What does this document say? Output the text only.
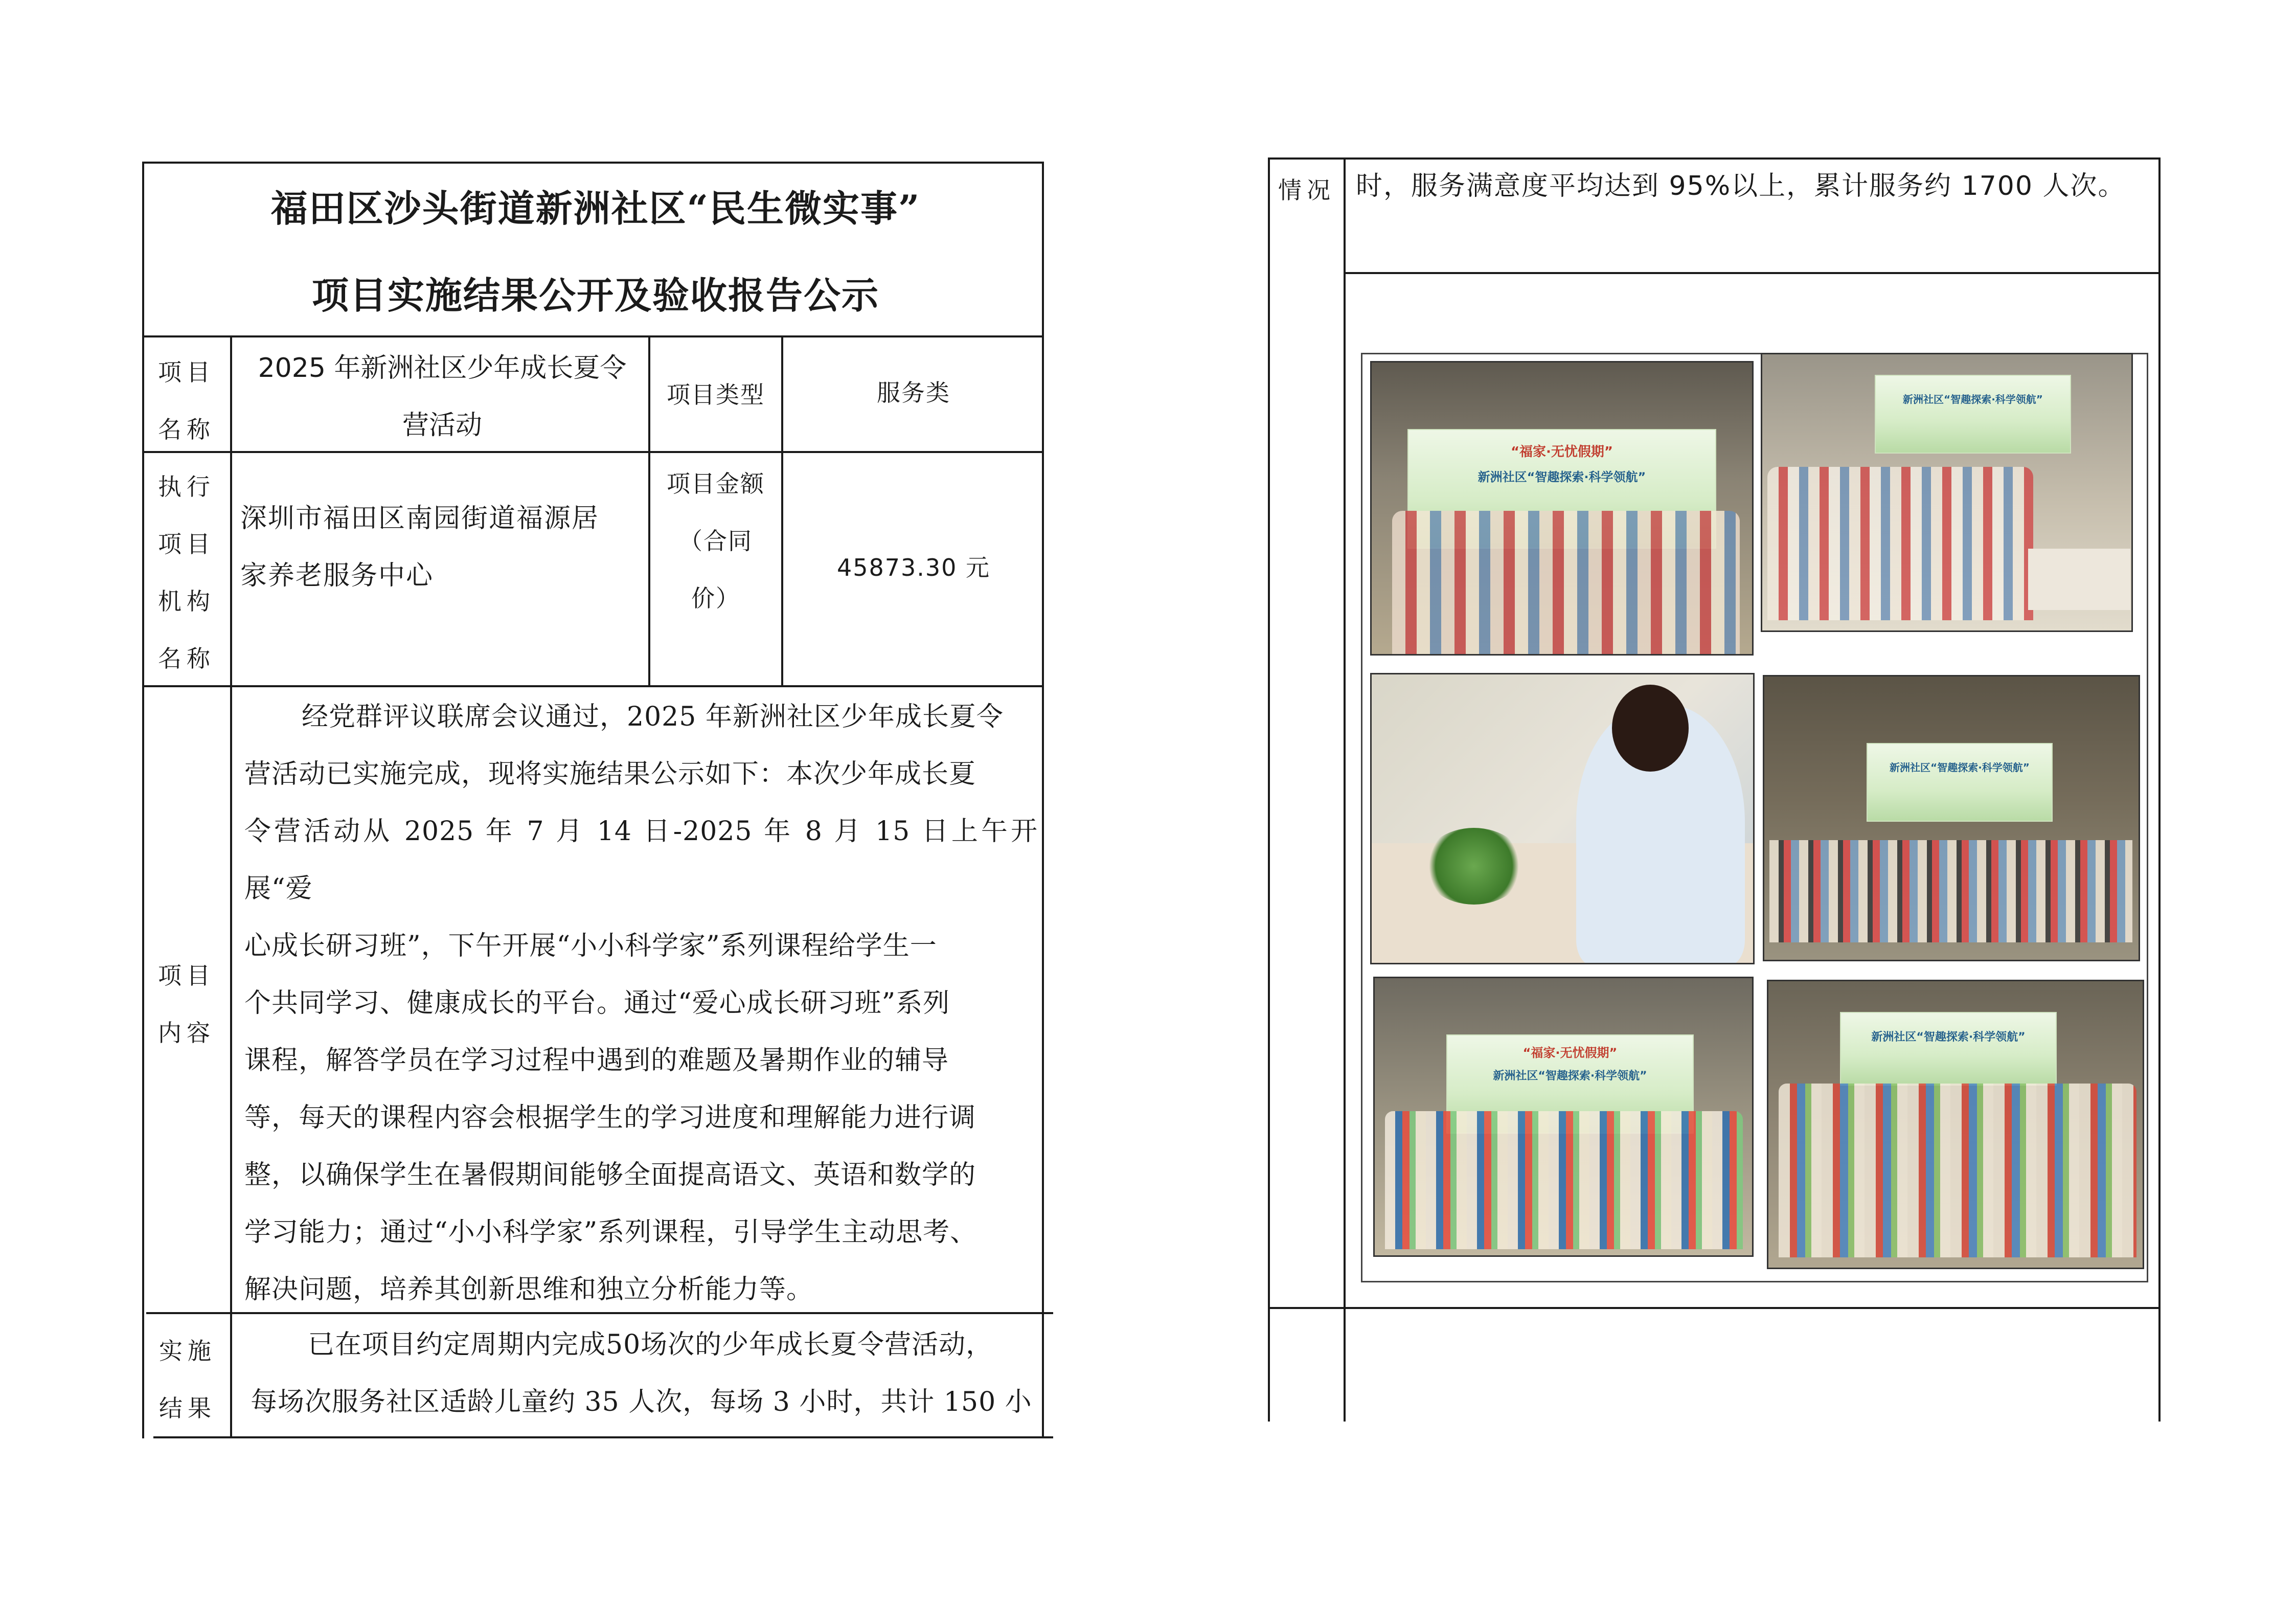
福田区沙头街道新洲社区“民生微实事”
项目实施结果公开及验收报告公示
项目
名称
2025 年新洲社区少年成长夏令
营活动
项目类型	服务类
执行
项目
机构
名称
深圳市福田区南园街道福源居
家养老服务中心
项目金额
（合同
价）
45873.30 元
项目
内容
经党群评议联席会议通过，2025 年新洲社区少年成长夏令
营活动已实施完成，现将实施结果公示如下：本次少年成长夏
令营活动从 2025 年 7 月 14 日-2025 年 8 月 15 日上午开展“爱
心成长研习班”，下午开展“小小科学家”系列课程给学生一
个共同学习、健康成长的平台。通过“爱心成长研习班”系列
课程，解答学员在学习过程中遇到的难题及暑期作业的辅导
等，每天的课程内容会根据学生的学习进度和理解能力进行调
整，以确保学生在暑假期间能够全面提高语文、英语和数学的
学习能力；通过“小小科学家”系列课程，引导学生主动思考、
解决问题，培养其创新思维和独立分析能力等。
实施
结果
已在项目约定周期内完成50场次的少年成长夏令营活动，
每场次服务社区适龄儿童约 35 人次，每场 3 小时，共计 150 小
情况 时，服务满意度平均达到 95%以上，累计服务约 1700 人次。
“福家·无忧假期”
新洲社区“智趣探索·科学领航”
新洲社区“智趣探索·科学领航”
新洲社区“智趣探索·科学领航”
“福家·无忧假期”
新洲社区“智趣探索·科学领航”
新洲社区“智趣探索·科学领航”
